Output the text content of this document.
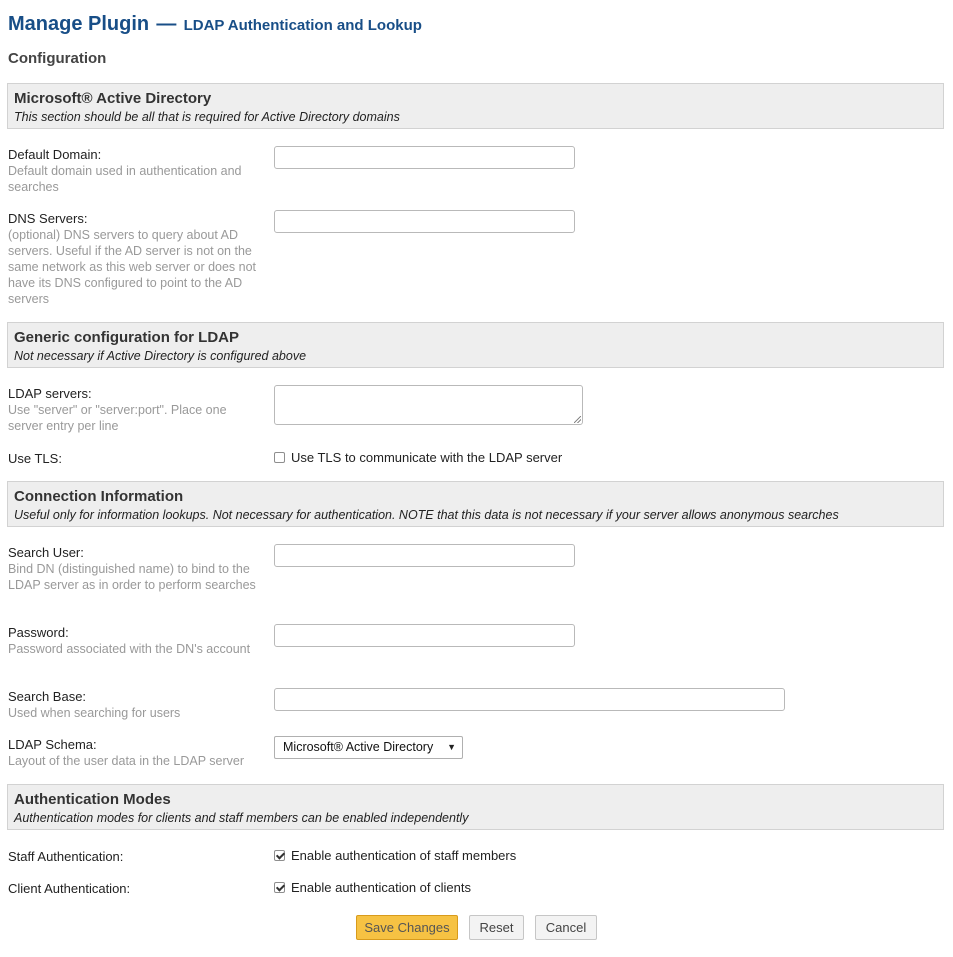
Manage Plugin — LDAP Authentication and Lookup
Configuration
Microsoft® Active Directory
This section should be all that is required for Active Directory domains
Default Domain:
Default domain used in authentication and searches
DNS Servers:
(optional) DNS servers to query about AD servers. Useful if the AD server is not on the same network as this web server or does not have its DNS configured to point to the AD servers
Generic configuration for LDAP
Not necessary if Active Directory is configured above
LDAP servers:
Use "server" or "server:port". Place one server entry per line
Use TLS:	Use TLS to communicate with the LDAP server
Connection Information
Useful only for information lookups. Not necessary for authentication. NOTE that this data is not necessary if your server allows anonymous searches
Search User:
Bind DN (distinguished name) to bind to the LDAP server as in order to perform searches
Password:
Password associated with the DN's account
Search Base:
Used when searching for users
LDAP Schema:
Layout of the user data in the LDAP server
Microsoft® Active Directory ▼
Authentication Modes
Authentication modes for clients and staff members can be enabled independently
Staff Authentication:	Enable authentication of staff members
Client Authentication:	Enable authentication of clients
Save Changes	Reset	Cancel
